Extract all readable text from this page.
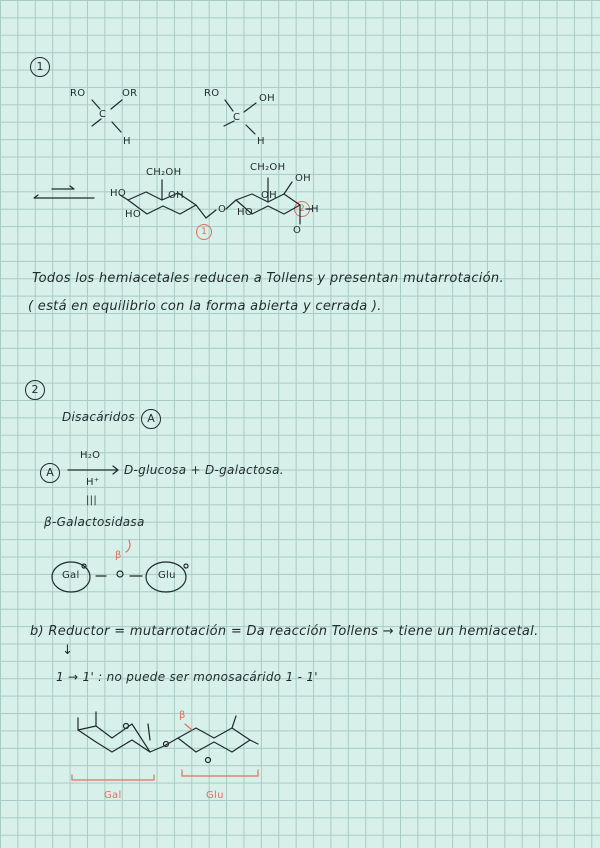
1
RO	OR
C
H
RO	OH
C
H
CH₂OH
HO	OH
HO
CH₂OH
OH
OH
HO	H
O
O
1
2
Todos los hemiacetales reducen a Tollens y presentan mutarrotación.
( está en equilibrio con la forma abierta y cerrada ).
2
Disacáridos	A
A
H₂O
H⁺
|||
D-glucosa + D-galactosa.
β-Galactosidasa
β
Gal	Glu
b) Reductor = mutarrotación = Da reacción Tollens → tiene un hemiacetal.
↓
1 → 1' : no puede ser monosacárido 1 - 1'
β
Gal	Glu
